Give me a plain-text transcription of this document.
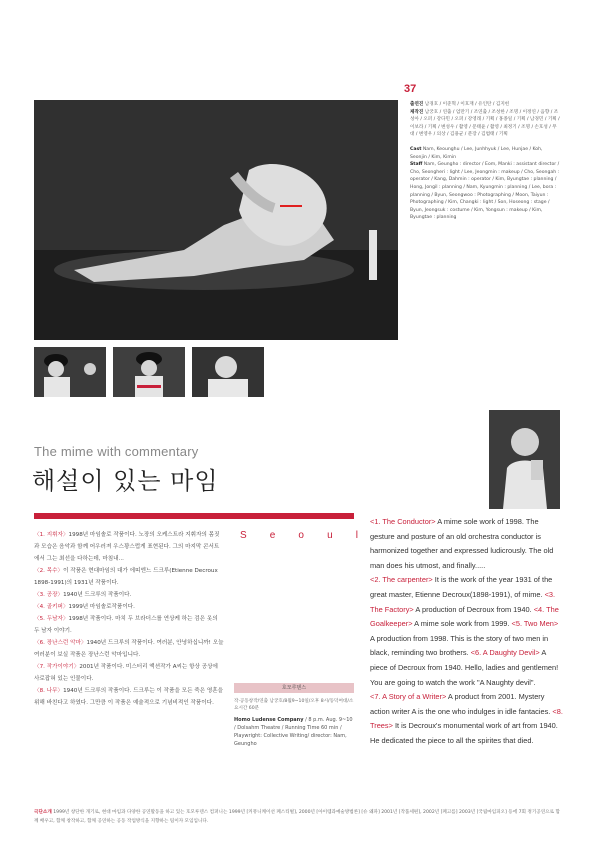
37

출연진 남경호 / 이준혁 / 이호재 / 유인탄 / 김지헌
제작진 남궁호 / 연출 / 엄만기 / 조연출 / 조성한 / 조명 / 이정연 / 음향 / 조성아 / 오퍼 / 강다민 / 오퍼 / 강영래 / 기획 / 홍종일 / 기획 / 남경민 / 기획 / 이보라 / 기획 / 변성우 / 촬영 / 문태윤 / 촬영 / 최정기 / 조명 / 손호성 / 무대 / 변영우 / 의상 / 김용균 / 분장 / 김범태 / 기획

Cast Nam, Keounghu / Lee, Junhhyuk / Lee, Hunjae / Koh, Seonjin / Kim, Kimin
Staff Nam, Geungho : director / Eom, Manki : assistant director / Cho, Seongheri : light / Lee, Jeongmin : makeup / Cho, Seongah : operator / Kang, Dahmin : operator / Kim, Byungtae : planning / Hong, Jongil : planning / Nam, Kyungmin : planning / Lee, bora : planning / Byun, Seongwoo : Photographing / Moon, Taiyun : Photographing / Kim, Changki : light / Son, Hoseong : stage / Byun, Jeongsuk : costume / Kim, Yongsun : makeup / Kim, Byungtae : planning

The mime with commentary
해설이 있는 마임
S e o u l

〈1. 지휘자〉1998년 마임솔로 작품이다. 노장의 오케스트라 지휘자의 몸짓과 모습은 음악과 함께 어우러져 우스꽝스럽게 표현된다. 그의 마지막 콘서트에서 그는 최선을 다하는데, 마침내...

〈2. 목수〉이 작품은 현대마임의 대가 에띠엔느 드크루(Etienne Decroux 1898-1991)의 1931년 작품이다.

〈3. 공장〉1940년 드크루의 작품이다.

〈4. 골키퍼〉1999년 마임솔로작품이다.

〈5. 두남자〉1998년 작품이다. 마치 두 브라더스를 연상케 하는 검은 옷의 두 남자 이야기.

〈6. 장난스런 악마〉1940년 드크루의 작품이다. 여러분, 안녕하십니까! 오늘 여러분이 보실 작품은 장난스런 악마입니다.

〈7. 작가이야기〉2001년 작품이다. 미스터리 액션작가 A씨는 항상 공상에 사로잡혀 있는 인물이다.

〈8. 나무〉1940년 드크루의 작품이다. 드크루는 이 작품을 모든 죽은 영혼을 위해 바친다고 하였다. 그만큼 이 작품은 예술적으로 기념비적인 작품이다.

호모루덴스
작·공동창작/연출 남궁호/8월9~10일/오후 8시/동덕여대/소요시간 60분
Homo Ludense Company / 8 p.m. Aug. 9~10 / Dolsahm Theatre / Running Time 60 min / Playwright: Collective Writing/ director: Nam, Geungho

<1. The Conductor> A mime sole work of 1998. The gesture and posture of an old orchestra conductor is harmonized together and expressed ludicrously. The old man does his utmost, and finally.....
<2. The carpenter> It is the work of the year 1931 of the great master, Etienne Decroux(1898-1991), of mime. <3. The Factory> A production of Decroux from 1940. <4. The Goalkeeper> A mime sole work from 1999. <5. Two Men> A production from 1998. This is the story of two men in black, reminding two brothers. <6. A Daughty Devil> A piece of Decroux from 1940. Hello, ladies and gentlemen! You are going to watch the work "A Naughty devil".
<7. A Story of a Writer> A product from 2001. Mystery action writer A is the one who indulges in idle fantacies. <8. Trees> It is Decroux's monumental work of art from 1940. He dedicated the piece to all the spirites that died.

극단소개 1999년 창단한 개기로, 현대 마임과 다양한 공연활동을 하고 있는 호모루덴스 컴퍼니는 1999년 [커뮤니케이션 페스티벌], 2000년 [아이템과예술방법론] [슈 왜파] 2001년 [작품세편], 2002년 [페고를] 2003년 [국립마임피오] 등에 7회 정기공연으로 함께 배우고, 함께 창작하고, 함께 공연하는 공동 작업방식을 지향하는 팀이자 모임입니다.
